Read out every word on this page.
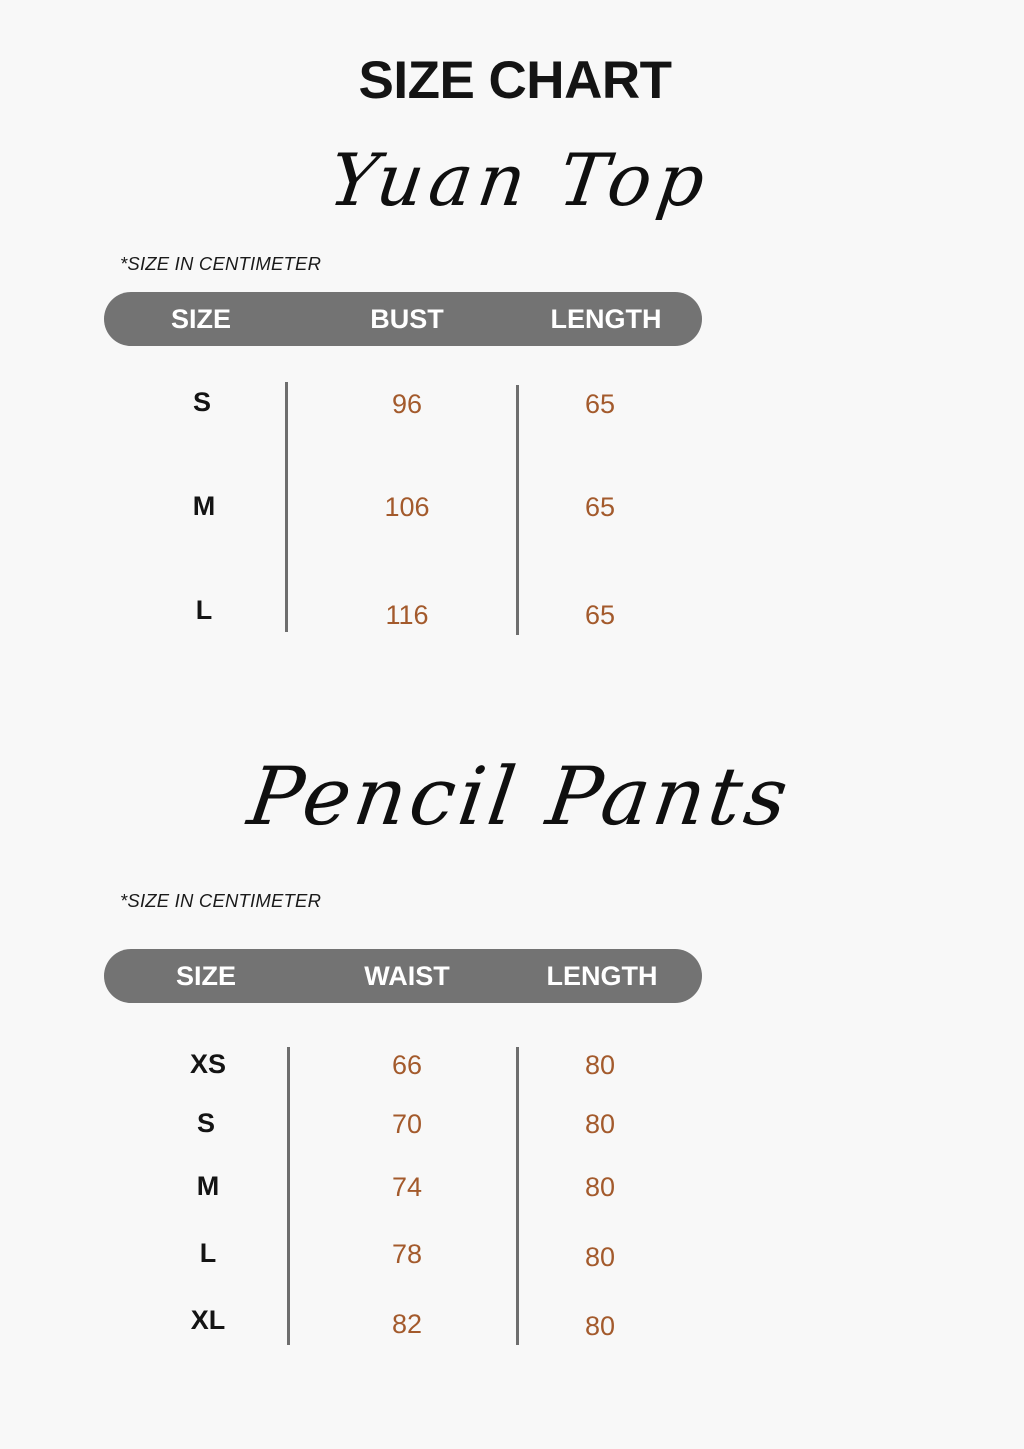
SIZE CHART
Yuan Top
*SIZE IN CENTIMETER
SIZE	BUST	LENGTH
S	96	65
M	106	65
L	116	65
Pencil Pants
*SIZE IN CENTIMETER
SIZE	WAIST	LENGTH
XS	66	80
S	70	80
M	74	80
L	78	80
XL	82	80
